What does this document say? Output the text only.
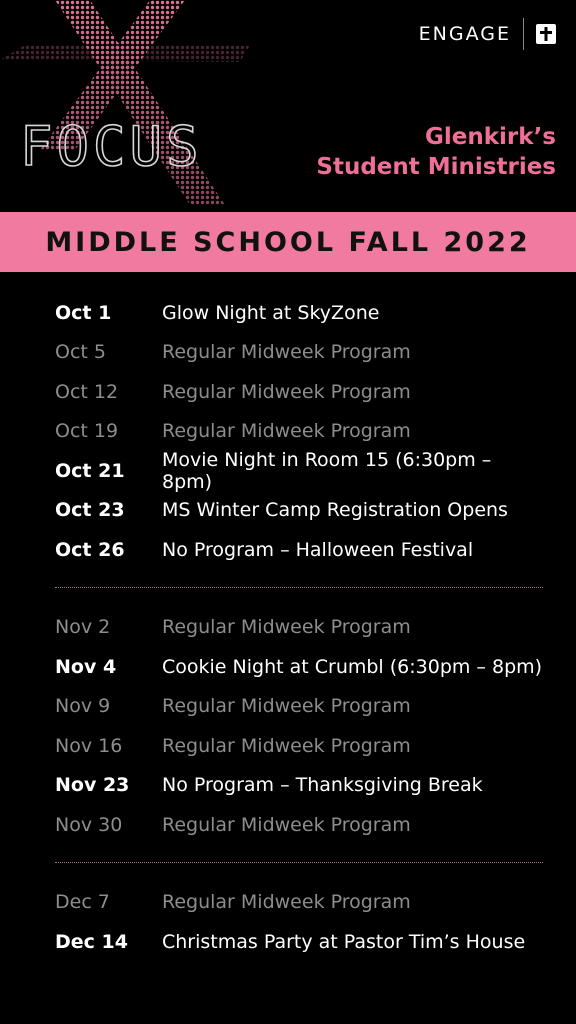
FOCUS
ENGAGE
Glenkirk’s
Student Ministries
MIDDLE SCHOOL FALL 2022
Oct 1	Glow Night at SkyZone
Oct 5	Regular Midweek Program
Oct 12	Regular Midweek Program
Oct 19	Regular Midweek Program
Oct 21	Movie Night in Room 15 (6:30pm – 8pm)
Oct 23	MS Winter Camp Registration Opens
Oct 26	No Program – Halloween Festival
Nov 2	Regular Midweek Program
Nov 4	Cookie Night at Crumbl (6:30pm – 8pm)
Nov 9	Regular Midweek Program
Nov 16	Regular Midweek Program
Nov 23	No Program – Thanksgiving Break
Nov 30	Regular Midweek Program
Dec 7	Regular Midweek Program
Dec 14	Christmas Party at Pastor Tim’s House
